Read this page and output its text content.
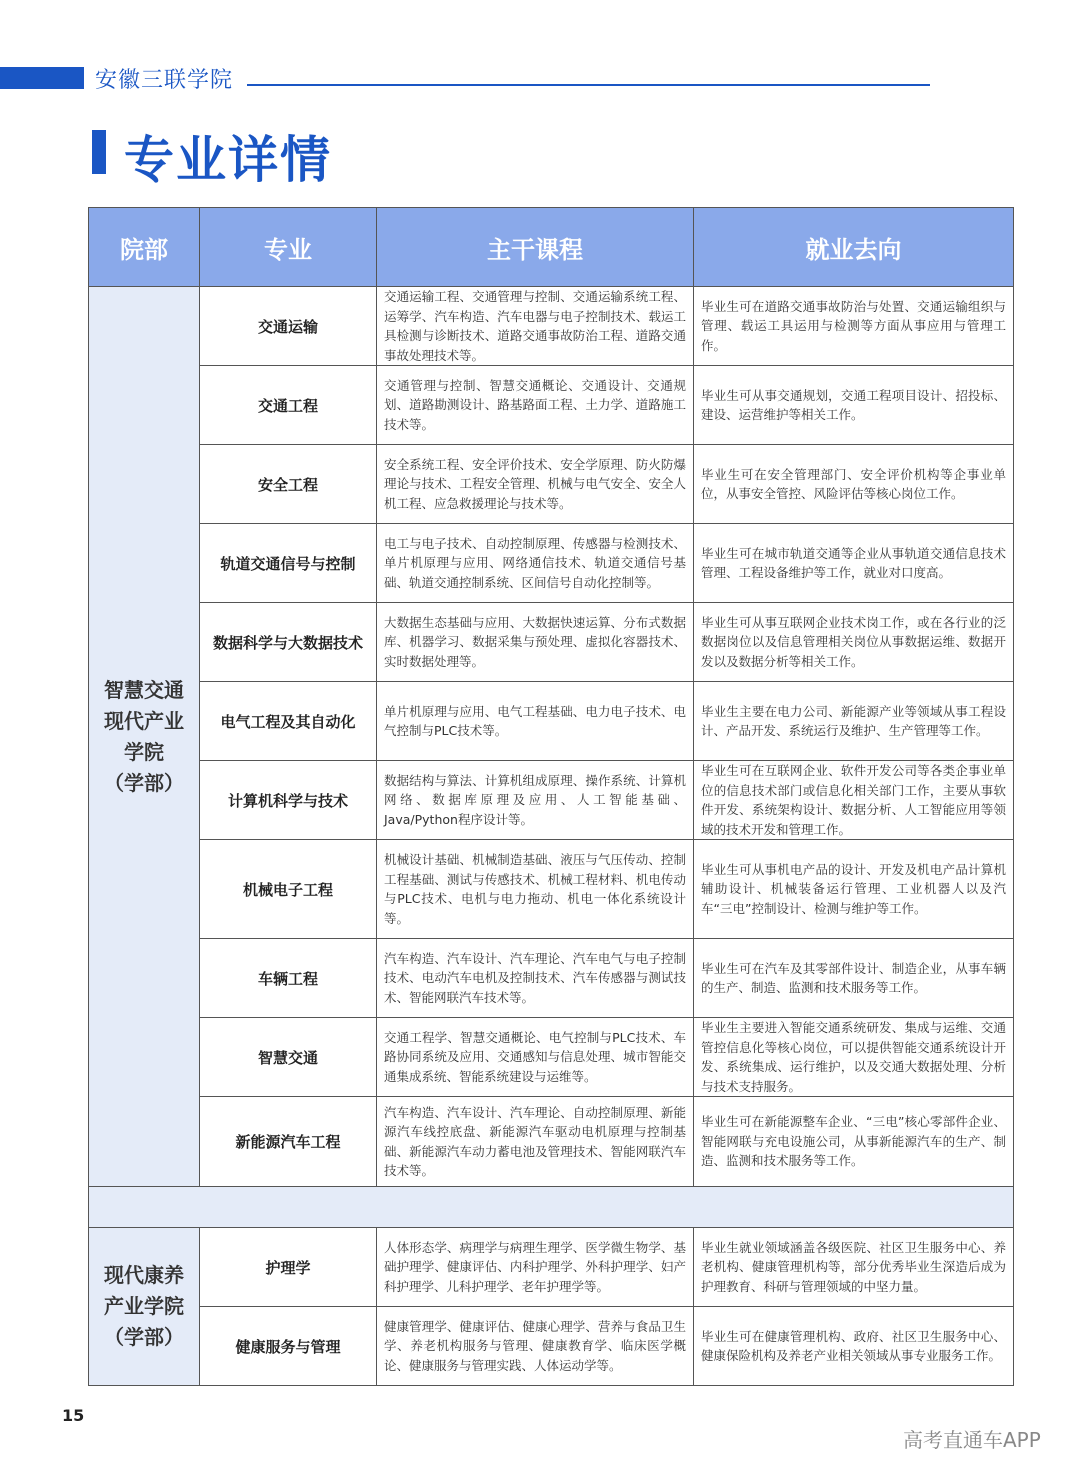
安徽三联学院
专业详情
院部	专业	主干课程	就业去向

智慧交通
现代产业
学院
（学部）	交通运输	交通运输工程、交通管理与控制、交通运输系统工程、运筹学、汽车构造、汽车电器与电子控制技术、载运工具检测与诊断技术、道路交通事故防治工程、道路交通事故处理技术等。	毕业生可在道路交通事故防治与处置、交通运输组织与管理、载运工具运用与检测等方面从事应用与管理工作。
	交通工程	交通管理与控制、智慧交通概论、交通设计、交通规划、道路勘测设计、路基路面工程、土力学、道路施工技术等。	毕业生可从事交通规划，交通工程项目设计、招投标、建设、运营维护等相关工作。
	安全工程	安全系统工程、安全评价技术、安全学原理、防火防爆理论与技术、工程安全管理、机械与电气安全、安全人机工程、应急救援理论与技术等。	毕业生可在安全管理部门、安全评价机构等企事业单位，从事安全管控、风险评估等核心岗位工作。
	轨道交通信号与控制	电工与电子技术、自动控制原理、传感器与检测技术、单片机原理与应用、网络通信技术、轨道交通信号基础、轨道交通控制系统、区间信号自动化控制等。	毕业生可在城市轨道交通等企业从事轨道交通信息技术管理、工程设备维护等工作，就业对口度高。
	数据科学与大数据技术	大数据生态基础与应用、大数据快速运算、分布式数据库、机器学习、数据采集与预处理、虚拟化容器技术、实时数据处理等。	毕业生可从事互联网企业技术岗工作，或在各行业的泛数据岗位以及信息管理相关岗位从事数据运维、数据开发以及数据分析等相关工作。
	电气工程及其自动化	单片机原理与应用、电气工程基础、电力电子技术、电气控制与PLC技术等。	毕业生主要在电力公司、新能源产业等领域从事工程设计、产品开发、系统运行及维护、生产管理等工作。
	计算机科学与技术	数据结构与算法、计算机组成原理、操作系统、计算机网络、数据库原理及应用、人工智能基础、Java/Python程序设计等。	毕业生可在互联网企业、软件开发公司等各类企事业单位的信息技术部门或信息化相关部门工作，主要从事软件开发、系统架构设计、数据分析、人工智能应用等领域的技术开发和管理工作。
	机械电子工程	机械设计基础、机械制造基础、液压与气压传动、控制工程基础、测试与传感技术、机械工程材料、机电传动与PLC技术、电机与电力拖动、机电一体化系统设计等。	毕业生可从事机电产品的设计、开发及机电产品计算机辅助设计、机械装备运行管理、工业机器人以及汽车“三电”控制设计、检测与维护等工作。
	车辆工程	汽车构造、汽车设计、汽车理论、汽车电气与电子控制技术、电动汽车电机及控制技术、汽车传感器与测试技术、智能网联汽车技术等。	毕业生可在汽车及其零部件设计、制造企业，从事车辆的生产、制造、监测和技术服务等工作。
	智慧交通	交通工程学、智慧交通概论、电气控制与PLC技术、车路协同系统及应用、交通感知与信息处理、城市智能交通集成系统、智能系统建设与运维等。	毕业生主要进入智能交通系统研发、集成与运维、交通管控信息化等核心岗位，可以提供智能交通系统设计开发、系统集成、运行维护，以及交通大数据处理、分析与技术支持服务。
	新能源汽车工程	汽车构造、汽车设计、汽车理论、自动控制原理、新能源汽车线控底盘、新能源汽车驱动电机原理与控制基础、新能源汽车动力蓄电池及管理技术、智能网联汽车技术等。	毕业生可在新能源整车企业、“三电”核心零部件企业、智能网联与充电设施公司，从事新能源汽车的生产、制造、监测和技术服务等工作。

现代康养
产业学院
（学部）	护理学	人体形态学、病理学与病理生理学、医学微生物学、基础护理学、健康评估、内科护理学、外科护理学、妇产科护理学、儿科护理学、老年护理学等。	毕业生就业领域涵盖各级医院、社区卫生服务中心、养老机构、健康管理机构等，部分优秀毕业生深造后成为护理教育、科研与管理领域的中坚力量。
	健康服务与管理	健康管理学、健康评估、健康心理学、营养与食品卫生学、养老机构服务与管理、健康教育学、临床医学概论、健康服务与管理实践、人体运动学等。	毕业生可在健康管理机构、政府、社区卫生服务中心、健康保险机构及养老产业相关领域从事专业服务工作。
15
高考直通车APP
